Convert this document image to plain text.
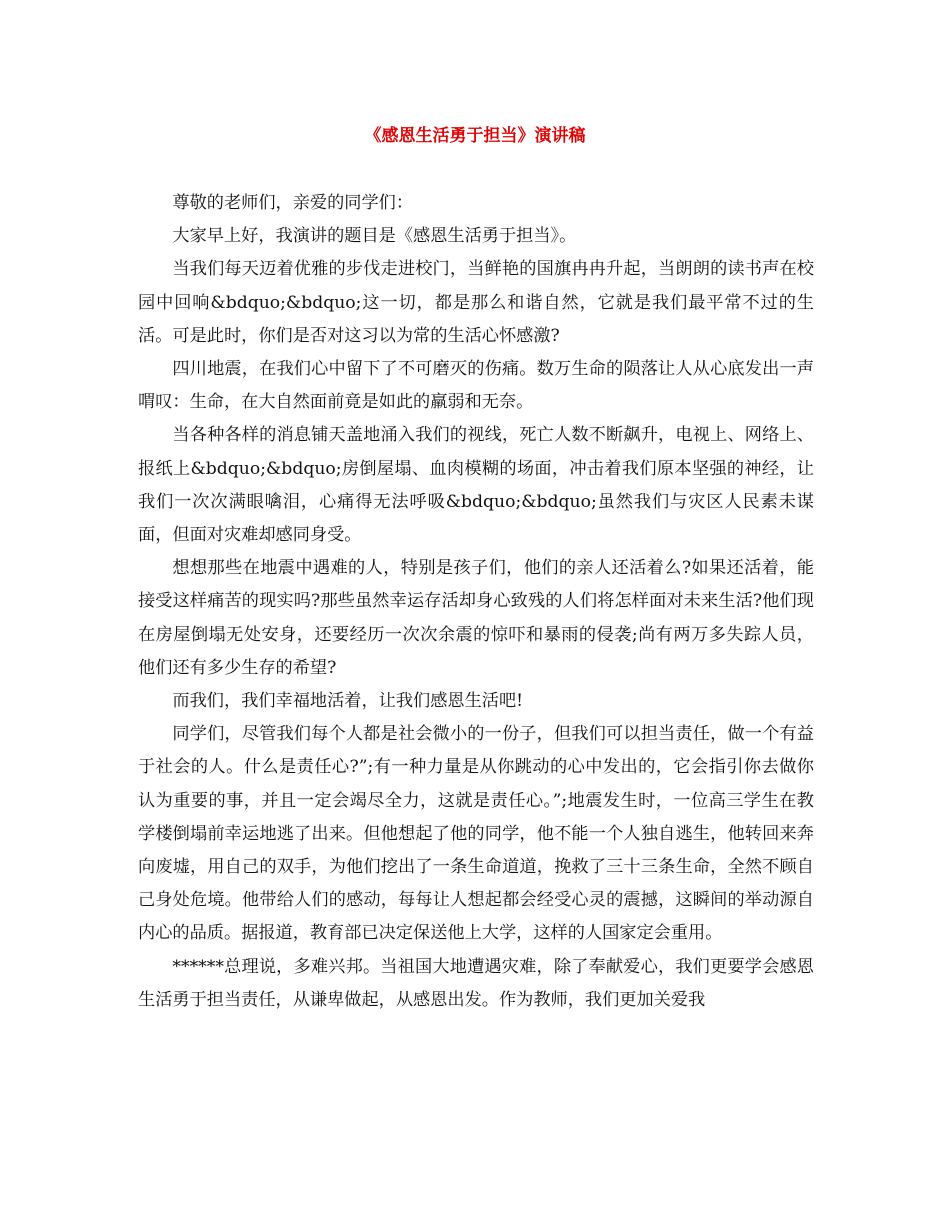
《感恩生活勇于担当》演讲稿

尊敬的老师们，亲爱的同学们：

大家早上好，我演讲的题目是《感恩生活勇于担当》。

当我们每天迈着优雅的步伐走进校门，当鲜艳的国旗冉冉升起，当朗朗的读书声在校园中回响&bdquo;&bdquo;这一切，都是那么和谐自然，它就是我们最平常不过的生活。可是此时，你们是否对这习以为常的生活心怀感激?

四川地震，在我们心中留下了不可磨灭的伤痛。数万生命的陨落让人从心底发出一声喟叹：生命，在大自然面前竟是如此的羸弱和无奈。

当各种各样的消息铺天盖地涌入我们的视线，死亡人数不断飙升，电视上、网络上、报纸上&bdquo;&bdquo;房倒屋塌、血肉模糊的场面，冲击着我们原本坚强的神经，让我们一次次满眼噙泪，心痛得无法呼吸&bdquo;&bdquo;虽然我们与灾区人民素未谋面，但面对灾难却感同身受。

想想那些在地震中遇难的人，特别是孩子们，他们的亲人还活着么?如果还活着，能接受这样痛苦的现实吗?那些虽然幸运存活却身心致残的人们将怎样面对未来生活?他们现在房屋倒塌无处安身，还要经历一次次余震的惊吓和暴雨的侵袭;尚有两万多失踪人员，他们还有多少生存的希望?

而我们，我们幸福地活着，让我们感恩生活吧!

同学们，尽管我们每个人都是社会微小的一份子，但我们可以担当责任，做一个有益于社会的人。什么是责任心?”;有一种力量是从你跳动的心中发出的，它会指引你去做你认为重要的事，并且一定会竭尽全力，这就是责任心。”;地震发生时，一位高三学生在教学楼倒塌前幸运地逃了出来。但他想起了他的同学，他不能一个人独自逃生，他转回来奔向废墟，用自己的双手，为他们挖出了一条生命道道，挽救了三十三条生命，全然不顾自己身处危境。他带给人们的感动，每每让人想起都会经受心灵的震撼，这瞬间的举动源自内心的品质。据报道，教育部已决定保送他上大学，这样的人国家定会重用。

******总理说，多难兴邦。当祖国大地遭遇灾难，除了奉献爱心，我们更要学会感恩生活勇于担当责任，从谦卑做起，从感恩出发。作为教师，我们更加关爱我
